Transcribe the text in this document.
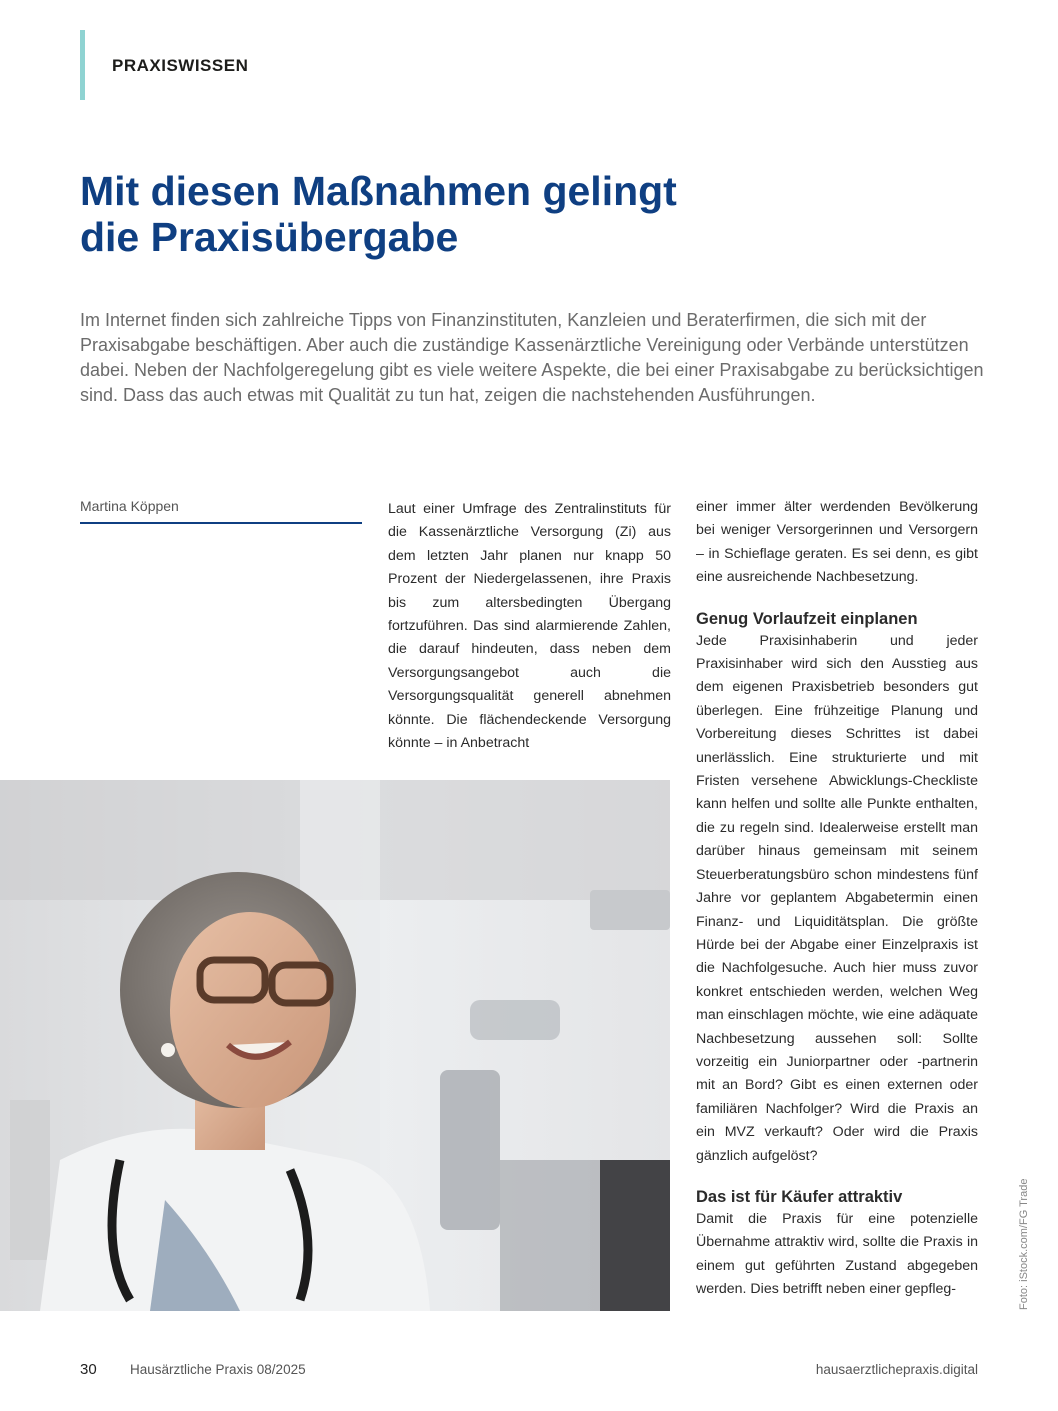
PRAXISWISSEN
Mit diesen Maßnahmen gelingt
die Praxisübergabe

Im Internet finden sich zahlreiche Tipps von Finanzinstituten, Kanzleien und Beraterfirmen, die sich mit der Praxisabgabe beschäftigen. Aber auch die zuständige Kassenärztliche Vereinigung oder Verbände unterstützen dabei. Neben der Nachfolgeregelung gibt es viele weitere Aspekte, die bei einer Praxisabgabe zu berücksichtigen sind. Dass das auch etwas mit Qualität zu tun hat, zeigen die nachstehenden Ausführungen.

Martina Köppen	Laut einer Umfrage des Zentralinstituts für die Kassenärztliche Versorgung (Zi) aus dem letzten Jahr planen nur knapp 50 Prozent der Niedergelassenen, ihre Praxis bis zum altersbedingten Übergang fortzuführen. Das sind alarmierende Zahlen, die darauf hindeuten, dass neben dem Versorgungsangebot auch die Versorgungsqualität generell abnehmen könnte. Die flächendeckende Versorgung könnte – in Anbetracht

einer immer älter werdenden Bevölkerung bei weniger Versorgerinnen und Versorgern – in Schieflage geraten. Es sei denn, es gibt eine ausreichende Nachbesetzung.

Genug Vorlaufzeit einplanen

Jede Praxisinhaberin und jeder Praxisinhaber wird sich den Ausstieg aus dem eigenen Praxisbetrieb besonders gut überlegen. Eine frühzeitige Planung und Vorbereitung dieses Schrittes ist dabei unerlässlich. Eine strukturierte und mit Fristen versehene Abwicklungs-Checkliste kann helfen und sollte alle Punkte enthalten, die zu regeln sind. Idealerweise erstellt man darüber hinaus gemeinsam mit seinem Steuerberatungsbüro schon mindestens fünf Jahre vor geplantem Abgabetermin einen Finanz- und Liquiditätsplan. Die größte Hürde bei der Abgabe einer Einzelpraxis ist die Nachfolgesuche. Auch hier muss zuvor konkret entschieden werden, welchen Weg man einschlagen möchte, wie eine adäquate Nachbesetzung aussehen soll: Sollte vorzeitig ein Juniorpartner oder -partnerin mit an Bord? Gibt es einen externen oder familiären Nachfolger? Wird die Praxis an ein MVZ verkauft? Oder wird die Praxis gänzlich aufgelöst?

Das ist für Käufer attraktiv

Damit die Praxis für eine potenzielle Übernahme attraktiv wird, sollte die Praxis in einem gut geführten Zustand abgegeben werden. Dies betrifft neben einer gepfleg-	Foto: iStock.com/FG Trade
30 Hausärztliche Praxis 08/2025	hausaerztlichepraxis.digital
